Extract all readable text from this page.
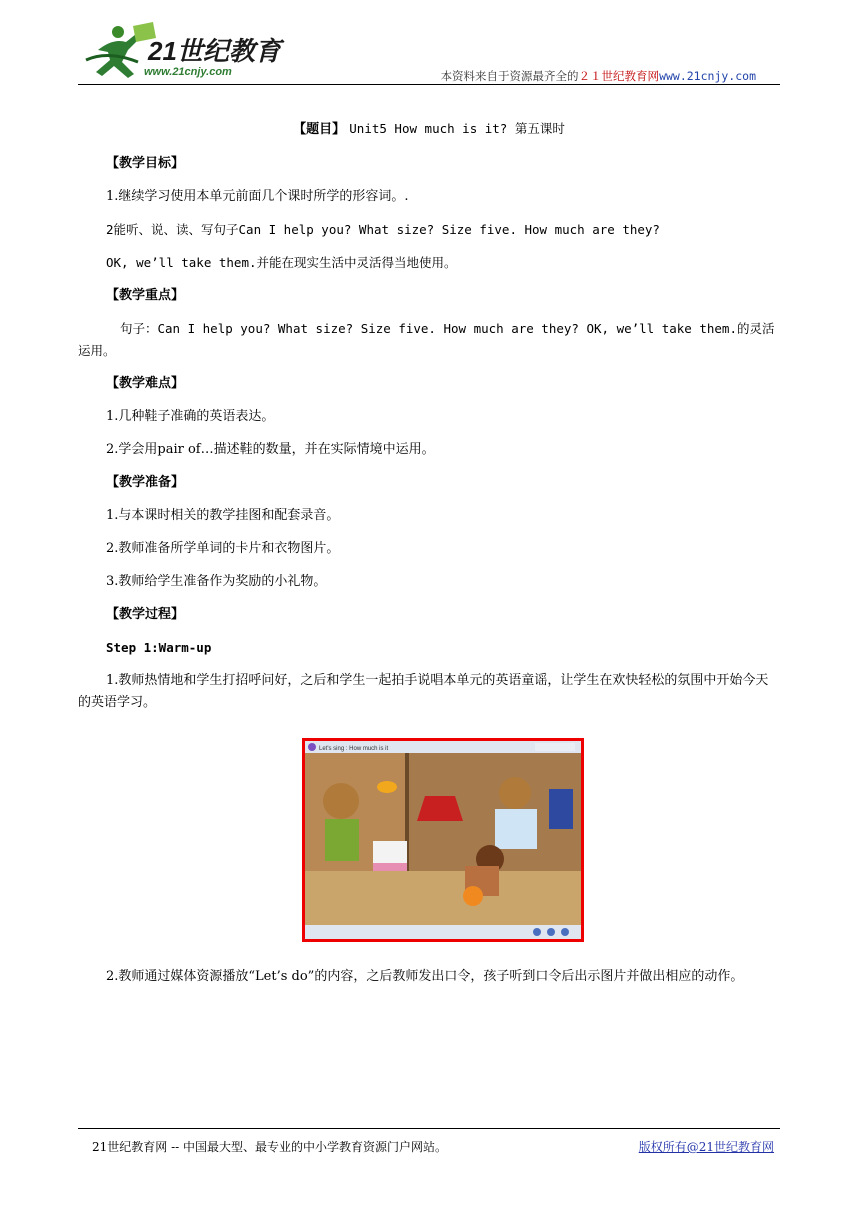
21世纪教育
www.21cnjy.com	本资料来自于资源最齐全的２１世纪教育网www.21cnjy.com

【题目】 Unit5 How much is it? 第五课时

【教学目标】

1.继续学习使用本单元前面几个课时所学的形容词。.

2能听、说、读、写句子Can I help you? What size? Size five. How much are they?

OK, we’ll take them.并能在现实生活中灵活得当地使用。

【教学重点】

句子：Can I help you? What size? Size five. How much are they? OK, we’ll take them.的灵活运用。

【教学难点】

1.几种鞋子准确的英语表达。

2.学会用pair of…描述鞋的数量，并在实际情境中运用。

【教学准备】

1.与本课时相关的教学挂图和配套录音。

2.教师准备所学单词的卡片和衣物图片。

3.教师给学生准备作为奖励的小礼物。

【教学过程】

Step 1:Warm-up

1.教师热情地和学生打招呼问好，之后和学生一起拍手说唱本单元的英语童谣，让学生在欢快轻松的氛围中开始今天的英语学习。

Let's sing : How much is it

2.教师通过媒体资源播放“Let’s do”的内容，之后教师发出口令，孩子听到口令后出示图片并做出相应的动作。

21世纪教育网 -- 中国最大型、最专业的中小学教育资源门户网站。	版权所有@21世纪教育网
